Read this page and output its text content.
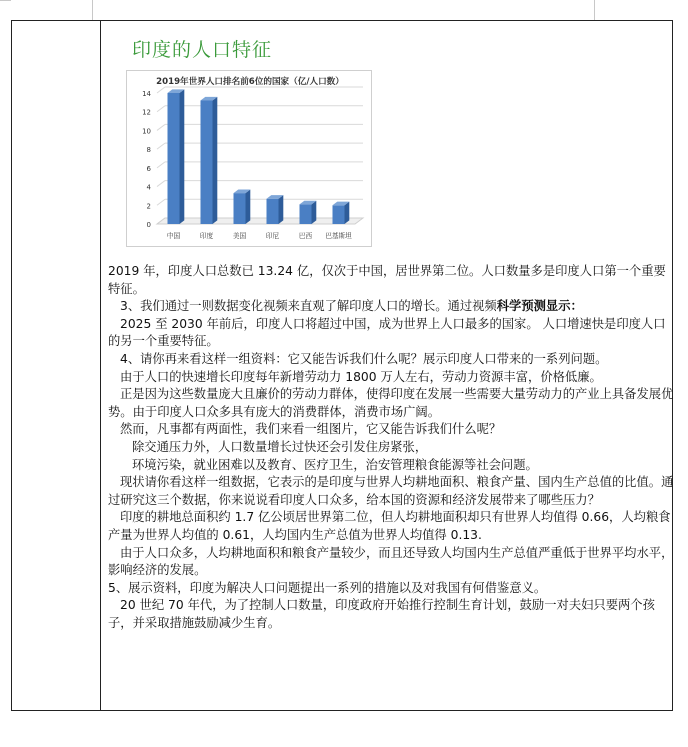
印度的人口特征
2019年世界人口排名前6位的国家（亿/人口数）
0
2
4
6
8
10
12
14
中国	印度	美国	印尼	巴西 巴基斯坦

2019 年，印度人口总数已 13.24 亿，仅次于中国，居世界第二位。人口数量多是印度人口第一个重要特征。

3、我们通过一则数据变化视频来直观了解印度人口的增长。通过视频科学预测显示：

2025 至 2030 年前后，印度人口将超过中国，成为世界上人口最多的国家。 人口增速快是印度人口的另一个重要特征。

4、请你再来看这样一组资料：它又能告诉我们什么呢？展示印度人口带来的一系列问题。

由于人口的快速增长印度每年新增劳动力 1800 万人左右，劳动力资源丰富，价格低廉。

正是因为这些数量庞大且廉价的劳动力群体，使得印度在发展一些需要大量劳动力的产业上具备发展优势。由于印度人口众多具有庞大的消费群体，消费市场广阔。

然而，凡事都有两面性，我们来看一组图片，它又能告诉我们什么呢？

除交通压力外，人口数量增长过快还会引发住房紧张，

环境污染，就业困难以及教育、医疗卫生，治安管理粮食能源等社会问题。

现状请你看这样一组数据，它表示的是印度与世界人均耕地面积、粮食产量、国内生产总值的比值。通过研究这三个数据，你来说说看印度人口众多，给本国的资源和经济发展带来了哪些压力？

印度的耕地总面积约 1.7 亿公顷居世界第二位，但人均耕地面积却只有世界人均值得 0.66，人均粮食产量为世界人均值的 0.61，人均国内生产总值为世界人均值得 0.13.

由于人口众多，人均耕地面积和粮食产量较少，而且还导致人均国内生产总值严重低于世界平均水平，影响经济的发展。

5、展示资料，印度为解决人口问题提出一系列的措施以及对我国有何借鉴意义。

20 世纪 70 年代，为了控制人口数量，印度政府开始推行控制生育计划，鼓励一对夫妇只要两个孩子，并采取措施鼓励减少生育。
